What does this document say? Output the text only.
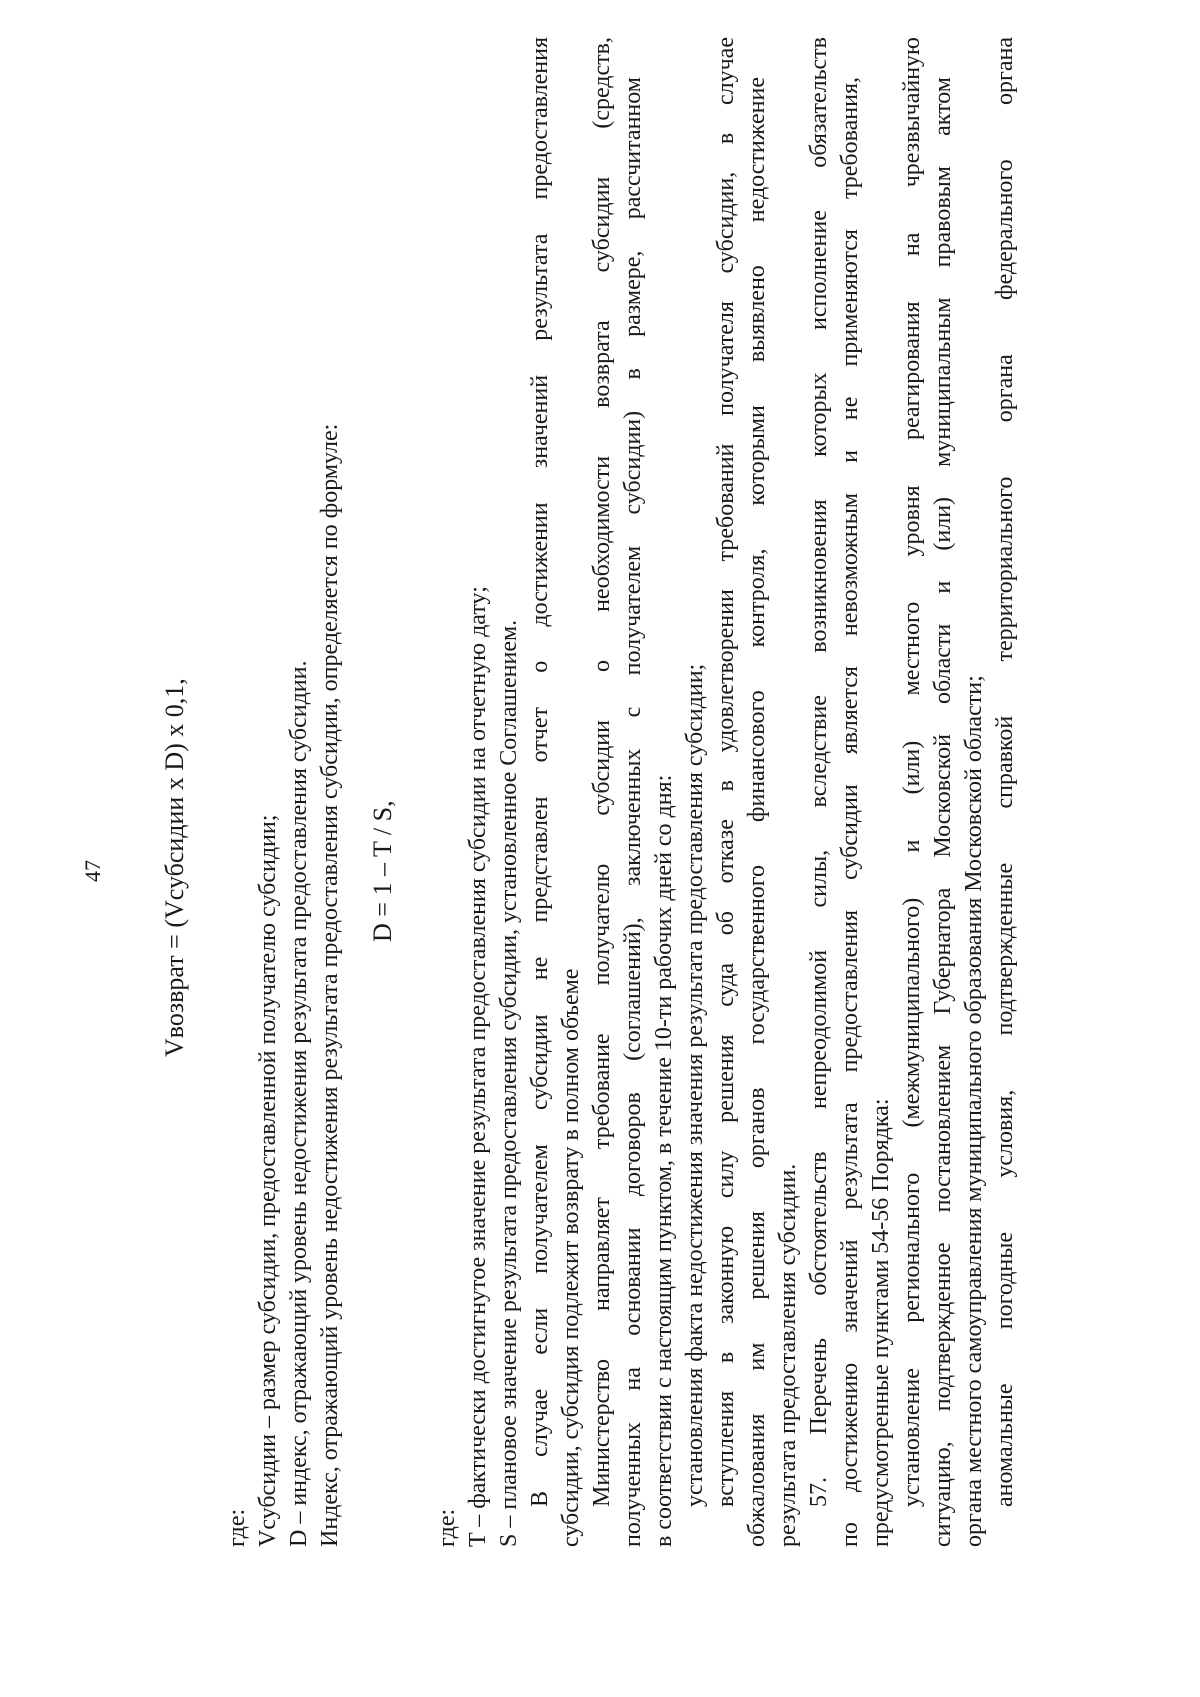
47 Vвозврат = (Vсубсидии x D) x 0,1,
где: Vсубсидии – размер субсидии, предоставленной получателю субсидии; D – индекс, отражающий уровень недостижения результата предоставления субсидии. Индекс, отражающий уровень недостижения результата предоставления субсидии, определяется по формуле: D = 1 – T / S,
где: T – фактически достигнутое значение результата предоставления субсидии на отчетную дату; S – плановое значение результата предоставления субсидии, установленное Соглашением. В случае если получателем субсидии не представлен отчет о достижении значений результата предоставления субсидии, субсидия подлежит возврату в полном объеме Министерство направляет требование получателю субсидии о необходимости возврата субсидии (средств, полученных на основании договоров (соглашений), заключенных с получателем субсидии) в размере, рассчитанном в соответствии с настоящим пунктом, в течение 10-ти рабочих дней со дня: установления факта недостижения значения результата предоставления субсидии; вступления в законную силу решения суда об отказе в удовлетворении требований получателя субсидии, в случае обжалования им решения органов государственного финансового контроля, которыми выявлено недостижение результата предоставления субсидии. 57. Перечень обстоятельств непреодолимой силы, вследствие возникновения которых исполнение обязательств по достижению значений результата предоставления субсидии является невозможным и не применяются требования, предусмотренные пунктами 54-56 Порядка: установление регионального (межмуниципального) и (или) местного уровня реагирования на чрезвычайную ситуацию, подтвержденное постановлением Губернатора Московской области и (или) муниципальным правовым актом органа местного самоуправления муниципального образования Московской области; аномальные погодные условия, подтвержденные справкой территориального органа федерального органа
